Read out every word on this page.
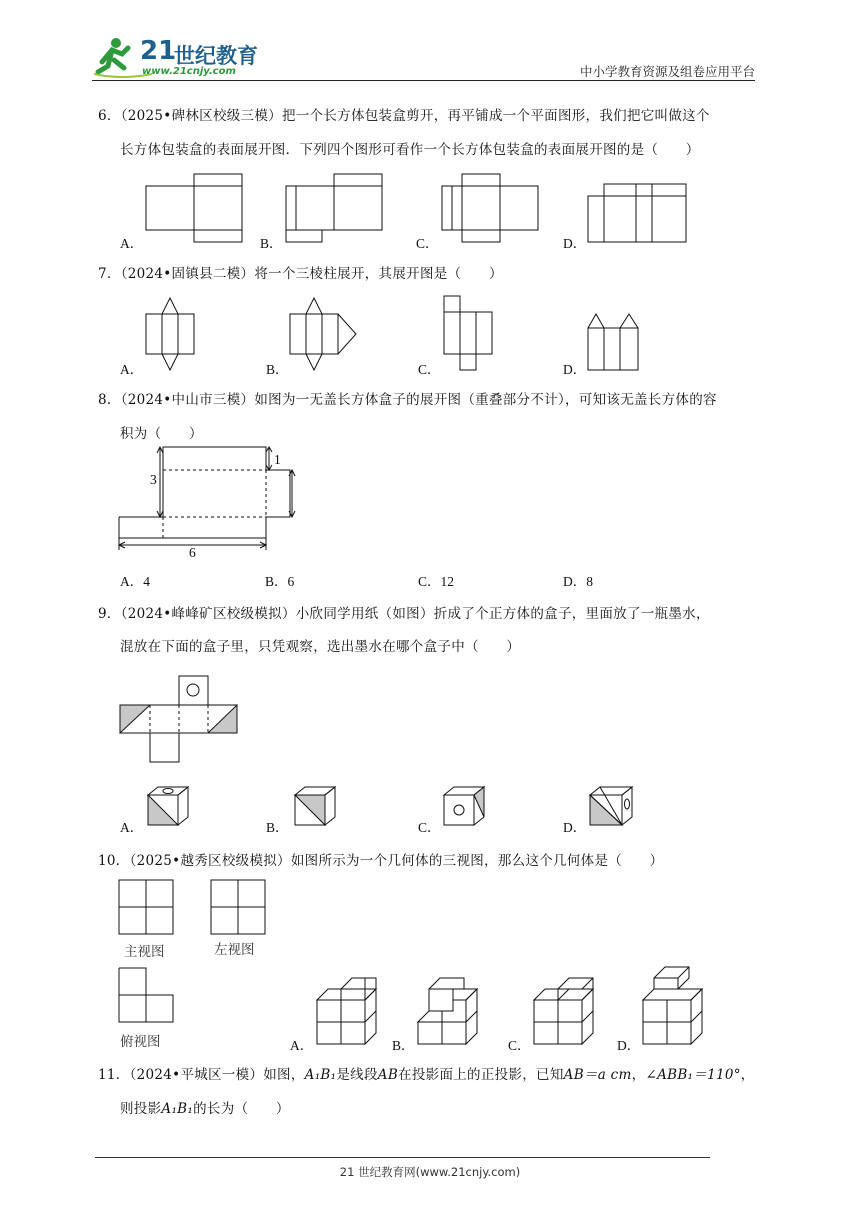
21
世纪教育
www.21cnjy.com	中小学教育资源及组卷应用平台
6．（2025•碑林区校级三模）把一个长方体包装盒剪开，再平铺成一个平面图形，我们把它叫做这个
长方体包装盒的表面展开图．下列四个图形可看作一个长方体包装盒的表面展开图的是（　　）
A．	B．	C．	D．
7．（2024•固镇县二模）将一个三棱柱展开，其展开图是（　　）
A．	B．	C．	D．
8．（2024•中山市三模）如图为一无盖长方体盒子的展开图（重叠部分不计），可知该无盖长方体的容
积为（　　）
3
1
6
A．4	B．6	C．12	D．8
9．（2024•峰峰矿区校级模拟）小欣同学用纸（如图）折成了个正方体的盒子，里面放了一瓶墨水，
混放在下面的盒子里，只凭观察，选出墨水在哪个盒子中（　　）
A．	B．	C．	D．
10．（2025•越秀区校级模拟）如图所示为一个几何体的三视图，那么这个几何体是（　　）
主视图	左视图
俯视图	A．	B．	C．	D．
11．（2024•平城区一模）如图，A₁B₁是线段AB在投影面上的正投影，已知AB＝a cm，∠ABB₁＝110°，
则投影A₁B₁的长为（　　）
21 世纪教育网(www.21cnjy.com)
